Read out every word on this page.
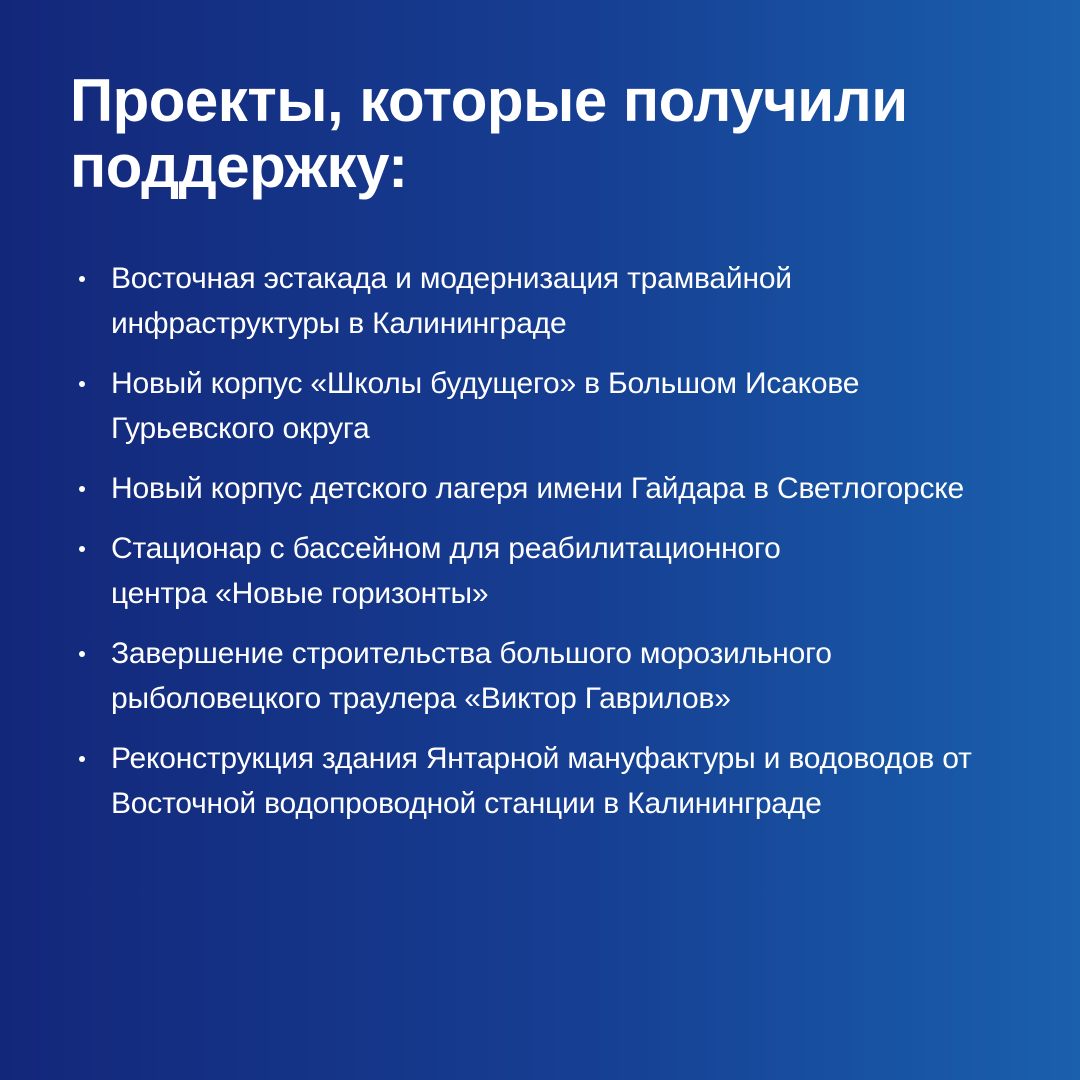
Проекты, которые получили поддержку:
Восточная эстакада и модернизация трамвайной инфраструктуры в Калининграде
Новый корпус «Школы будущего» в Большом Исакове Гурьевского округа
Новый корпус детского лагеря имени Гайдара в Светлогорске
Стационар с бассейном для реабилитационного центра «Новые горизонты»
Завершение строительства большого морозильного рыболовецкого траулера «Виктор Гаврилов»
Реконструкция здания Янтарной мануфактуры и водоводов от Восточной водопроводной станции в Калининграде
